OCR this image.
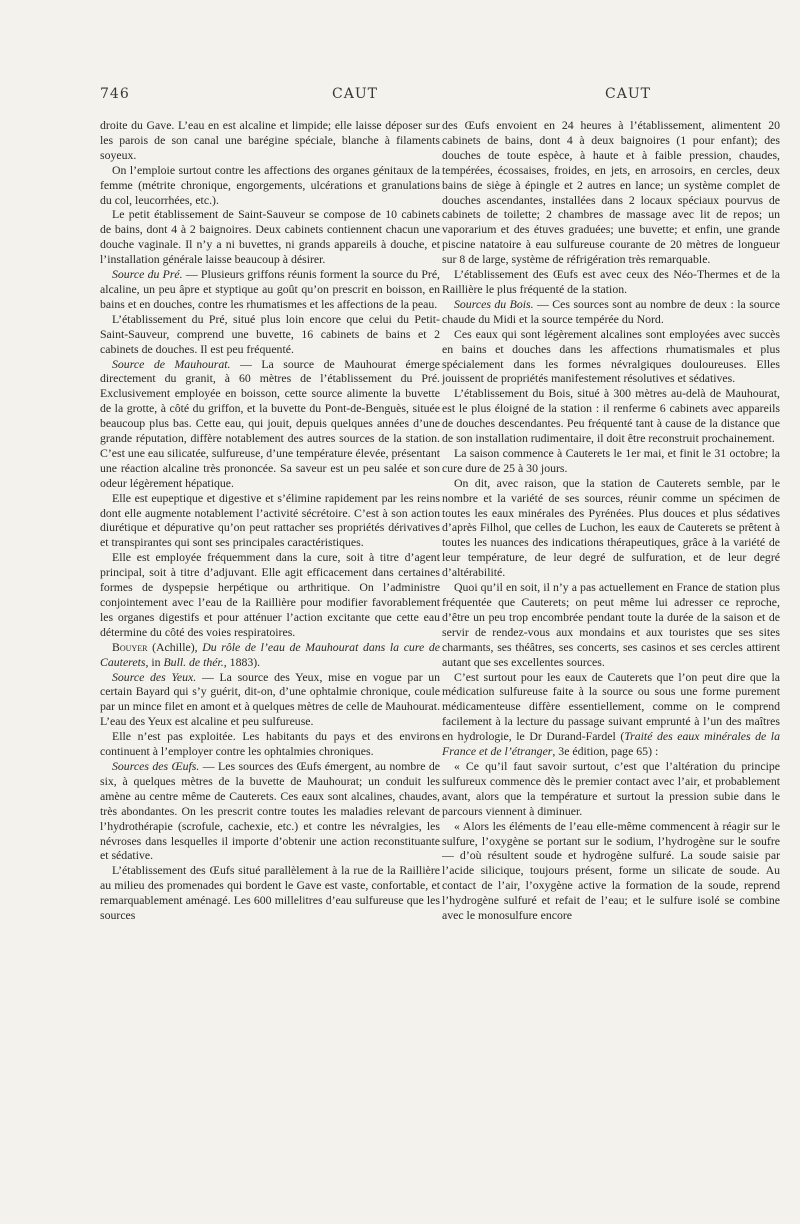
746	CAUT	CAUT

droite du Gave. L’eau en est alcaline et limpide; elle laisse déposer sur les parois de son canal une barégine spéciale, blanche à filaments soyeux.

On l’emploie surtout contre les affections des organes génitaux de la femme (métrite chronique, engorgements, ulcérations et granulations du col, leucorrhées, etc.).

Le petit établissement de Saint-Sauveur se compose de 10 cabinets de bains, dont 4 à 2 baignoires. Deux cabinets contiennent chacun une douche vaginale. Il n’y a ni buvettes, ni grands appareils à douche, et l’installation générale laisse beaucoup à désirer.

Source du Pré. — Plusieurs griffons réunis forment la source du Pré, alcaline, un peu âpre et styptique au goût qu’on prescrit en boisson, en bains et en douches, contre les rhumatismes et les affections de la peau.

L’établissement du Pré, situé plus loin encore que celui du Petit-Saint-Sauveur, comprend une buvette, 16 cabinets de bains et 2 cabinets de douches. Il est peu fréquenté.

Source de Mauhourat. — La source de Mauhourat émerge directement du granit, à 60 mètres de l’établissement du Pré. Exclusivement employée en boisson, cette source alimente la buvette de la grotte, à côté du griffon, et la buvette du Pont-de-Benguès, située beaucoup plus bas. Cette eau, qui jouit, depuis quelques années d’une grande réputation, diffère notablement des autres sources de la station. C’est une eau silicatée, sulfureuse, d’une température élevée, présentant une réaction alcaline très prononcée. Sa saveur est un peu salée et son odeur légèrement hépatique.

Elle est eupeptique et digestive et s’élimine rapidement par les reins dont elle augmente notablement l’activité sécrétoire. C’est à son action diurétique et dépurative qu’on peut rattacher ses propriétés dérivatives et transpirantes qui sont ses principales caractéristiques.

Elle est employée fréquemment dans la cure, soit à titre d’agent principal, soit à titre d’adjuvant. Elle agit efficacement dans certaines formes de dyspepsie herpétique ou arthritique. On l’administre conjointement avec l’eau de la Raillière pour modifier favorablement les organes digestifs et pour atténuer l’action excitante que cette eau détermine du côté des voies respiratoires.

Bouyer (Achille), Du rôle de l’eau de Mauhourat dans la cure de Cauterets, in Bull. de thér., 1883).

Source des Yeux. — La source des Yeux, mise en vogue par un certain Bayard qui s’y guérit, dit-on, d’une ophtalmie chronique, coule par un mince filet en amont et à quelques mètres de celle de Mauhourat. L’eau des Yeux est alcaline et peu sulfureuse.

Elle n’est pas exploitée. Les habitants du pays et des environs continuent à l’employer contre les ophtalmies chroniques.

Sources des Œufs. — Les sources des Œufs émergent, au nombre de six, à quelques mètres de la buvette de Mauhourat; un conduit les amène au centre même de Cauterets. Ces eaux sont alcalines, chaudes, très abondantes. On les prescrit contre toutes les maladies relevant de l’hydrothérapie (scrofule, cachexie, etc.) et contre les névralgies, les névroses dans lesquelles il importe d’obtenir une action reconstituante et sédative.

L’établissement des Œufs situé parallèlement à la rue de la Raillière au milieu des promenades qui bordent le Gave est vaste, confortable, et remarquablement aménagé. Les 600 millelitres d’eau sulfureuse que les sources

des Œufs envoient en 24 heures à l’établissement, alimentent 20 cabinets de bains, dont 4 à deux baignoires (1 pour enfant); des douches de toute espèce, à haute et à faible pression, chaudes, tempérées, écossaises, froides, en jets, en arrosoirs, en cercles, deux bains de siège à épingle et 2 autres en lance; un système complet de douches ascendantes, installées dans 2 locaux spéciaux pourvus de cabinets de toilette; 2 chambres de massage avec lit de repos; un vaporarium et des étuves graduées; une buvette; et enfin, une grande piscine natatoire à eau sulfureuse courante de 20 mètres de longueur sur 8 de large, système de réfrigération très remarquable.

L’établissement des Œufs est avec ceux des Néo-Thermes et de la Raillière le plus fréquenté de la station.

Sources du Bois. — Ces sources sont au nombre de deux : la source chaude du Midi et la source tempérée du Nord.

Ces eaux qui sont légèrement alcalines sont employées avec succès en bains et douches dans les affections rhumatismales et plus spécialement dans les formes névralgiques douloureuses. Elles jouissent de propriétés manifestement résolutives et sédatives.

L’établissement du Bois, situé à 300 mètres au-delà de Mauhourat, est le plus éloigné de la station : il renferme 6 cabinets avec appareils de douches descendantes. Peu fréquenté tant à cause de la distance que de son installation rudimentaire, il doit être reconstruit prochainement.

La saison commence à Cauterets le 1er mai, et finit le 31 octobre; la cure dure de 25 à 30 jours.

On dit, avec raison, que la station de Cauterets semble, par le nombre et la variété de ses sources, réunir comme un spécimen de toutes les eaux minérales des Pyrénées. Plus douces et plus sédatives d’après Filhol, que celles de Luchon, les eaux de Cauterets se prêtent à toutes les nuances des indications thérapeutiques, grâce à la variété de leur température, de leur degré de sulfuration, et de leur degré d’altérabilité.

Quoi qu’il en soit, il n’y a pas actuellement en France de station plus fréquentée que Cauterets; on peut même lui adresser ce reproche, d’être un peu trop encombrée pendant toute la durée de la saison et de servir de rendez-vous aux mondains et aux touristes que ses sites charmants, ses théâtres, ses concerts, ses casinos et ses cercles attirent autant que ses excellentes sources.

C’est surtout pour les eaux de Cauterets que l’on peut dire que la médication sulfureuse faite à la source ou sous une forme purement médicamenteuse diffère essentiellement, comme on le comprend facilement à la lecture du passage suivant emprunté à l’un des maîtres en hydrologie, le Dr Durand-Fardel (Traité des eaux minérales de la France et de l’étranger, 3e édition, page 65) :

« Ce qu’il faut savoir surtout, c’est que l’altération du principe sulfureux commence dès le premier contact avec l’air, et probablement avant, alors que la température et surtout la pression subie dans le parcours viennent à diminuer.

« Alors les éléments de l’eau elle-même commencent à réagir sur le sulfure, l’oxygène se portant sur le sodium, l’hydrogène sur le soufre — d’où résultent soude et hydrogène sulfuré. La soude saisie par l’acide silicique, toujours présent, forme un silicate de soude. Au contact de l’air, l’oxygène active la formation de la soude, reprend l’hydrogène sulfuré et refait de l’eau; et le sulfure isolé se combine avec le monosulfure encore
